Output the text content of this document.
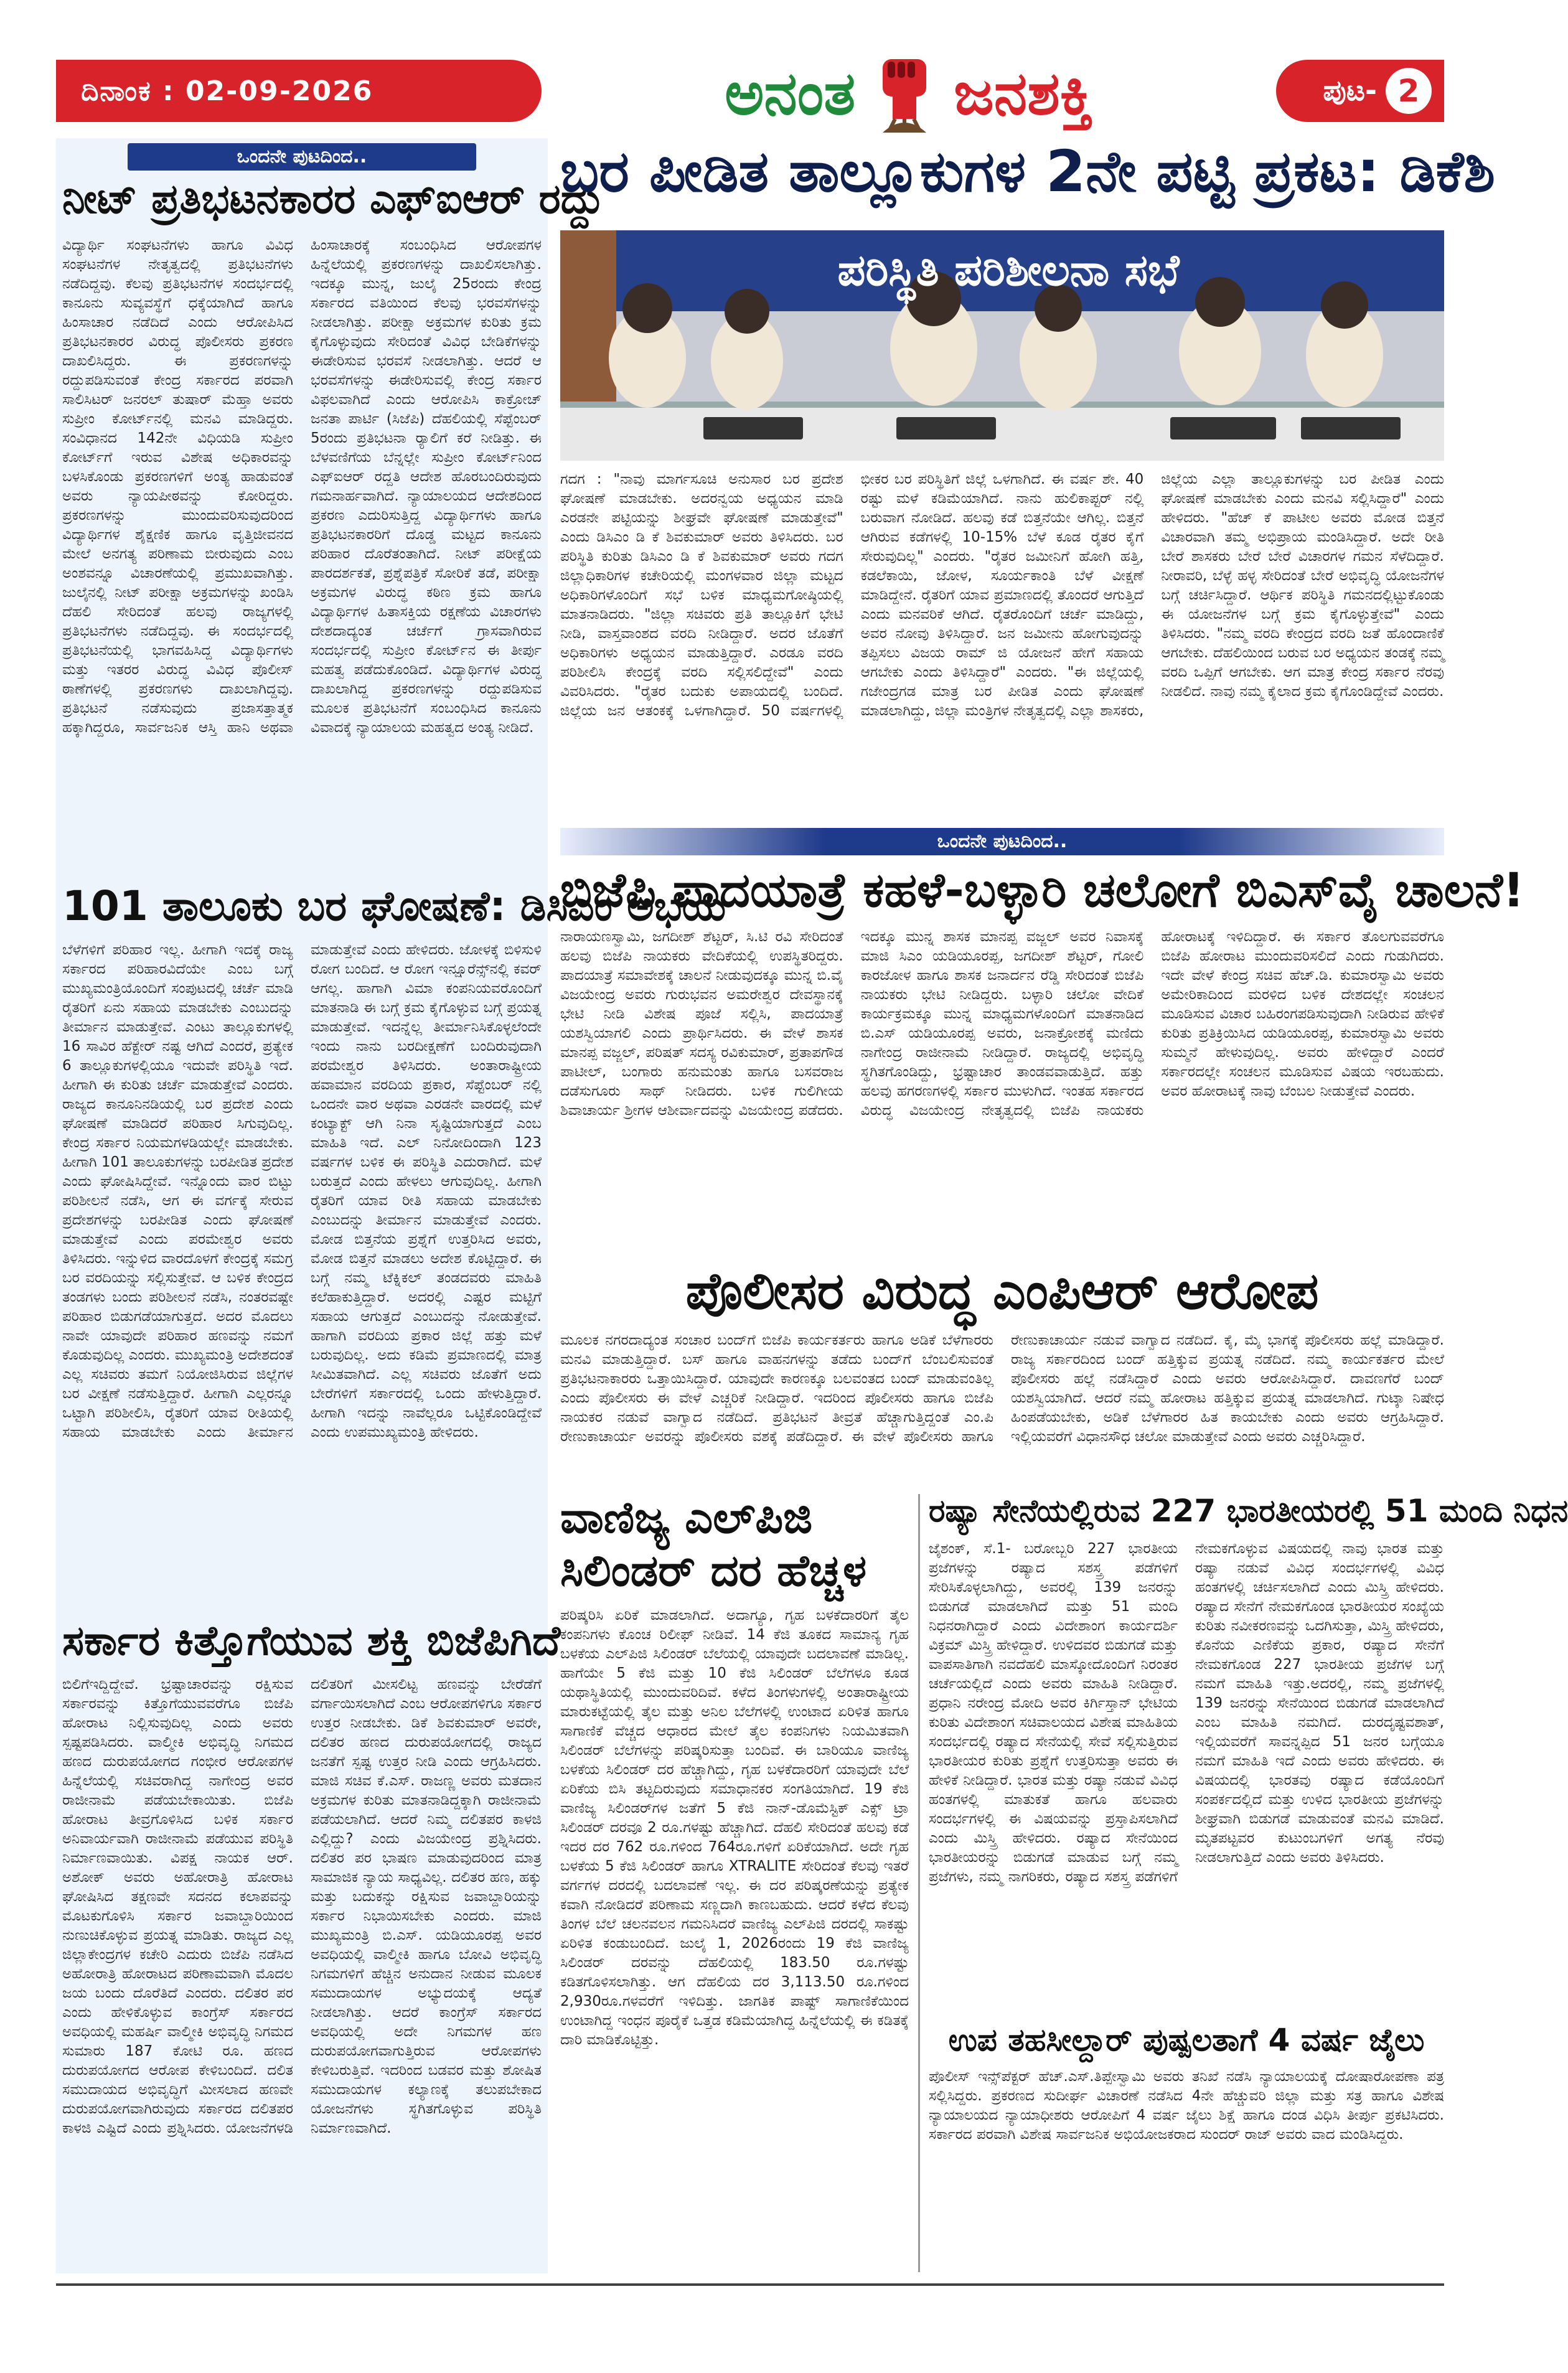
ದಿನಾಂಕ : 02-09-2026	ಅನಂತ ಜನಶಕ್ತಿ	ಪುಟ- 2
ಒಂದನೇ ಪುಟದಿಂದ..
ನೀಟ್ ಪ್ರತಿಭಟನಕಾರರ ಎಫ್‌ಐಆರ್ ರದ್ದು
ವಿದ್ಯಾರ್ಥಿ ಸಂಘಟನೆಗಳು ಹಾಗೂ ವಿವಿಧ ಸಂಘಟನೆಗಳ ನೇತೃತ್ವದಲ್ಲಿ ಪ್ರತಿಭಟನೆಗಳು ನಡೆದಿದ್ದವು. ಕೆಲವು ಪ್ರತಿಭಟನೆಗಳ ಸಂದರ್ಭದಲ್ಲಿ ಕಾನೂನು ಸುವ್ಯವಸ್ಥೆಗೆ ಧಕ್ಕೆಯಾಗಿದೆ ಹಾಗೂ ಹಿಂಸಾಚಾರ ನಡೆದಿದೆ ಎಂದು ಆರೋಪಿಸಿದ ಪ್ರತಿಭಟನಕಾರರ ವಿರುದ್ಧ ಪೊಲೀಸರು ಪ್ರಕರಣ ದಾಖಲಿಸಿದ್ದರು. ಈ ಪ್ರಕರಣಗಳನ್ನು ರದ್ದುಪಡಿಸುವಂತೆ ಕೇಂದ್ರ ಸರ್ಕಾರದ ಪರವಾಗಿ ಸಾಲಿಸಿಟರ್ ಜನರಲ್ ತುಷಾರ್ ಮೆಹ್ತಾ ಅವರು ಸುಪ್ರೀಂ ಕೋರ್ಟ್‌ನಲ್ಲಿ ಮನವಿ ಮಾಡಿದ್ದರು. ಸಂವಿಧಾನದ 142ನೇ ವಿಧಿಯಡಿ ಸುಪ್ರೀಂ ಕೋರ್ಟ್‌ಗೆ ಇರುವ ವಿಶೇಷ ಅಧಿಕಾರವನ್ನು ಬಳಸಿಕೊಂಡು ಪ್ರಕರಣಗಳಿಗೆ ಅಂತ್ಯ ಹಾಡುವಂತೆ ಅವರು ನ್ಯಾಯಪೀಠವನ್ನು ಕೋರಿದ್ದರು. ಪ್ರಕರಣಗಳನ್ನು ಮುಂದುವರಿಸುವುದರಿಂದ ವಿದ್ಯಾರ್ಥಿಗಳ ಶೈಕ್ಷಣಿಕ ಹಾಗೂ ವೃತ್ತಿಜೀವನದ ಮೇಲೆ ಅನಗತ್ಯ ಪರಿಣಾಮ ಬೀರುವುದು ಎಂಬ ಅಂಶವನ್ನೂ ವಿಚಾರಣೆಯಲ್ಲಿ ಪ್ರಮುಖವಾಗಿತ್ತು. ಜುಲೈನಲ್ಲಿ ನೀಟ್ ಪರೀಕ್ಷಾ ಅಕ್ರಮಗಳನ್ನು ಖಂಡಿಸಿ ದೆಹಲಿ ಸೇರಿದಂತೆ ಹಲವು ರಾಜ್ಯಗಳಲ್ಲಿ ಪ್ರತಿಭಟನೆಗಳು ನಡೆದಿದ್ದವು. ಈ ಸಂದರ್ಭದಲ್ಲಿ ಪ್ರತಿಭಟನೆಯಲ್ಲಿ ಭಾಗವಹಿಸಿದ್ದ ವಿದ್ಯಾರ್ಥಿಗಳು ಮತ್ತು ಇತರರ ವಿರುದ್ಧ ವಿವಿಧ ಪೊಲೀಸ್ ಠಾಣೆಗಳಲ್ಲಿ ಪ್ರಕರಣಗಳು ದಾಖಲಾಗಿದ್ದವು. ಪ್ರತಿಭಟನೆ ನಡೆಸುವುದು ಪ್ರಜಾಸತ್ತಾತ್ಮಕ ಹಕ್ಕಾಗಿದ್ದರೂ, ಸಾರ್ವಜನಿಕ ಆಸ್ತಿ ಹಾನಿ ಅಥವಾ ಹಿಂಸಾಚಾರಕ್ಕೆ ಸಂಬಂಧಿಸಿದ ಆರೋಪಗಳ ಹಿನ್ನೆಲೆಯಲ್ಲಿ ಪ್ರಕರಣಗಳನ್ನು ದಾಖಲಿಸಲಾಗಿತ್ತು. ಇದಕ್ಕೂ ಮುನ್ನ, ಜುಲೈ 25ರಂದು ಕೇಂದ್ರ ಸರ್ಕಾರದ ವತಿಯಿಂದ ಕೆಲವು ಭರವಸೆಗಳನ್ನು ನೀಡಲಾಗಿತ್ತು. ಪರೀಕ್ಷಾ ಅಕ್ರಮಗಳ ಕುರಿತು ಕ್ರಮ ಕೈಗೊಳ್ಳುವುದು ಸೇರಿದಂತೆ ವಿವಿಧ ಬೇಡಿಕೆಗಳನ್ನು ಈಡೇರಿಸುವ ಭರವಸೆ ನೀಡಲಾಗಿತ್ತು. ಆದರೆ ಆ ಭರವಸೆಗಳನ್ನು ಈಡೇರಿಸುವಲ್ಲಿ ಕೇಂದ್ರ ಸರ್ಕಾರ ವಿಫಲವಾಗಿದೆ ಎಂದು ಆರೋಪಿಸಿ ಕಾಕ್ರೋಚ್ ಜನತಾ ಪಾರ್ಟಿ (ಸಿಜೆಪಿ) ದೆಹಲಿಯಲ್ಲಿ ಸೆಪ್ಟೆಂಬರ್ 5ರಂದು ಪ್ರತಿಭಟನಾ ರ‍್ಯಾಲಿಗೆ ಕರೆ ನೀಡಿತ್ತು. ಈ ಬೆಳವಣಿಗೆಯ ಬೆನ್ನಲ್ಲೇ ಸುಪ್ರೀಂ ಕೋರ್ಟ್‌ನಿಂದ ಎಫ್‌ಐಆರ್ ರದ್ದತಿ ಆದೇಶ ಹೊರಬಂದಿರುವುದು ಗಮನಾರ್ಹವಾಗಿದೆ. ನ್ಯಾಯಾಲಯದ ಆದೇಶದಿಂದ ಪ್ರಕರಣ ಎದುರಿಸುತ್ತಿದ್ದ ವಿದ್ಯಾರ್ಥಿಗಳು ಹಾಗೂ ಪ್ರತಿಭಟನಕಾರರಿಗೆ ದೊಡ್ಡ ಮಟ್ಟದ ಕಾನೂನು ಪರಿಹಾರ ದೊರೆತಂತಾಗಿದೆ. ನೀಟ್ ಪರೀಕ್ಷೆಯ ಪಾರದರ್ಶಕತೆ, ಪ್ರಶ್ನೆಪತ್ರಿಕೆ ಸೋರಿಕೆ ತಡೆ, ಪರೀಕ್ಷಾ ಅಕ್ರಮಗಳ ವಿರುದ್ಧ ಕಠಿಣ ಕ್ರಮ ಹಾಗೂ ವಿದ್ಯಾರ್ಥಿಗಳ ಹಿತಾಸಕ್ತಿಯ ರಕ್ಷಣೆಯ ವಿಚಾರಗಳು ದೇಶದಾದ್ಯಂತ ಚರ್ಚೆಗೆ ಗ್ರಾಸವಾಗಿರುವ ಸಂದರ್ಭದಲ್ಲಿ ಸುಪ್ರೀಂ ಕೋರ್ಟ್‌ನ ಈ ತೀರ್ಪು ಮಹತ್ವ ಪಡೆದುಕೊಂಡಿದೆ. ವಿದ್ಯಾರ್ಥಿಗಳ ವಿರುದ್ಧ ದಾಖಲಾಗಿದ್ದ ಪ್ರಕರಣಗಳನ್ನು ರದ್ದುಪಡಿಸುವ ಮೂಲಕ ಪ್ರತಿಭಟನೆಗೆ ಸಂಬಂಧಿಸಿದ ಕಾನೂನು ವಿವಾದಕ್ಕೆ ನ್ಯಾಯಾಲಯ ಮಹತ್ವದ ಅಂತ್ಯ ನೀಡಿದೆ.
101 ತಾಲೂಕು ಬರ ಘೋಷಣೆ: ಡಿಸಿಎಂ ಅಭಯ
ಬೆಳೆಗಳಿಗೆ ಪರಿಹಾರ ಇಲ್ಲ. ಹೀಗಾಗಿ ಇದಕ್ಕೆ ರಾಜ್ಯ ಸರ್ಕಾರದ ಪರಿಹಾರವಿದೆಯೇ ಎಂಬ ಬಗ್ಗೆ ಮುಖ್ಯಮಂತ್ರಿಯೊಂದಿಗೆ ಸಂಪುಟದಲ್ಲಿ ಚರ್ಚೆ ಮಾಡಿ ರೈತರಿಗೆ ಏನು ಸಹಾಯ ಮಾಡಬೇಕು ಎಂಬುದನ್ನು ತೀರ್ಮಾನ ಮಾಡುತ್ತೇವೆ. ಎಂಟು ತಾಲ್ಲೂಕುಗಳಲ್ಲಿ 16 ಸಾವಿರ ಹೆಕ್ಟೇರ್ ನಷ್ಟ ಆಗಿದೆ ಎಂದರೆ, ಪ್ರತ್ಯೇಕ 6 ತಾಲ್ಲೂಕುಗಳಲ್ಲಿಯೂ ಇದುವೇ ಪರಿಸ್ಥಿತಿ ಇದೆ. ಹೀಗಾಗಿ ಈ ಕುರಿತು ಚರ್ಚೆ ಮಾಡುತ್ತೇವೆ ಎಂದರು. ರಾಜ್ಯದ ಕಾನೂನಿನಡಿಯಲ್ಲಿ ಬರ ಪ್ರದೇಶ ಎಂದು ಘೋಷಣೆ ಮಾಡಿದರೆ ಪರಿಹಾರ ಸಿಗುವುದಿಲ್ಲ. ಕೇಂದ್ರ ಸರ್ಕಾರ ನಿಯಮಗಳಡಿಯಲ್ಲೇ ಮಾಡಬೇಕು. ಹೀಗಾಗಿ 101 ತಾಲೂಕುಗಳನ್ನು ಬರಪೀಡಿತ ಪ್ರದೇಶ ಎಂದು ಘೋಷಿಸಿದ್ದೇವೆ. ಇನ್ನೊಂದು ವಾರ ಬಿಟ್ಟು ಪರಿಶೀಲನೆ ನಡೆಸಿ, ಆಗ ಈ ವರ್ಗಕ್ಕೆ ಸೇರುವ ಪ್ರದೇಶಗಳನ್ನು ಬರಪೀಡಿತ ಎಂದು ಘೋಷಣೆ ಮಾಡುತ್ತೇವೆ ಎಂದು ಪರಮೇಶ್ವರ ಅವರು ತಿಳಿಸಿದರು. ಇನ್ನುಳಿದ ವಾರದೊಳಗೆ ಕೇಂದ್ರಕ್ಕೆ ಸಮಗ್ರ ಬರ ವರದಿಯನ್ನು ಸಲ್ಲಿಸುತ್ತೇವೆ. ಆ ಬಳಿಕ ಕೇಂದ್ರದ ತಂಡಗಳು ಬಂದು ಪರಿಶೀಲನೆ ನಡೆಸಿ, ನಂತರವಷ್ಟೇ ಪರಿಹಾರ ಬಿಡುಗಡೆಯಾಗುತ್ತದೆ. ಅದರ ಮೊದಲು ನಾವೇ ಯಾವುದೇ ಪರಿಹಾರ ಹಣವನ್ನು ನಮಗೆ ಕೊಡುವುದಿಲ್ಲ ಎಂದರು. ಮುಖ್ಯಮಂತ್ರಿ ಅದೇಶದಂತೆ ಎಲ್ಲ ಸಚಿವರು ತಮಗೆ ನಿಯೋಜಿಸಿರುವ ಜಿಲ್ಲೆಗಳ ಬರ ವೀಕ್ಷಣೆ ನಡೆಸುತ್ತಿದ್ದಾರೆ. ಹೀಗಾಗಿ ಎಲ್ಲರನ್ನೂ ಒಟ್ಟಾಗಿ ಪರಿಶೀಲಿಸಿ, ರೈತರಿಗೆ ಯಾವ ರೀತಿಯಲ್ಲಿ ಸಹಾಯ ಮಾಡಬೇಕು ಎಂದು ತೀರ್ಮಾನ ಮಾಡುತ್ತೇವೆ ಎಂದು ಹೇಳಿದರು. ಜೋಳಕ್ಕೆ ಬಿಳಿಸುಳಿ ರೋಗ ಬಂದಿದೆ. ಆ ರೋಗ ಇನ್ಷೂರೆನ್ಸ್‌ನಲ್ಲಿ ಕವರ್ ಆಗಲ್ಲ. ಹಾಗಾಗಿ ವಿಮಾ ಕಂಪನಿಯವರೊಂದಿಗೆ ಮಾತನಾಡಿ ಈ ಬಗ್ಗೆ ಕ್ರಮ ಕೈಗೊಳ್ಳುವ ಬಗ್ಗೆ ಪ್ರಯತ್ನ ಮಾಡುತ್ತೇವೆ. ಇದನ್ನೆಲ್ಲ ತೀರ್ಮಾನಿಸಿಕೊಳ್ಳಲೆಂದೇ ಇಂದು ನಾನು ಬರದೀಕ್ಷಣೆಗೆ ಬಂದಿರುವುದಾಗಿ ಪರಮೇಶ್ವರ ತಿಳಿಸಿದರು. ಅಂತಾರಾಷ್ಟ್ರೀಯ ಹವಾಮಾನ ವರದಿಯ ಪ್ರಕಾರ, ಸೆಪ್ಟೆಂಬರ್ ನಲ್ಲಿ ಒಂದನೇ ವಾರ ಅಥವಾ ಎರಡನೇ ವಾರದಲ್ಲಿ ಮಳೆ ಕಂಟ್ಯಾಕ್ಟ್ ಆಗಿ ನಿನಾ ಸೃಷ್ಟಿಯಾಗುತ್ತದೆ ಎಂಬ ಮಾಹಿತಿ ಇದೆ. ಎಲ್ ನಿನೋದಿಂದಾಗಿ 123 ವರ್ಷಗಳ ಬಳಿಕ ಈ ಪರಿಸ್ಥಿತಿ ಎದುರಾಗಿದೆ. ಮಳೆ ಬರುತ್ತದೆ ಎಂದು ಹೇಳಲು ಆಗುವುದಿಲ್ಲ. ಹೀಗಾಗಿ ರೈತರಿಗೆ ಯಾವ ರೀತಿ ಸಹಾಯ ಮಾಡಬೇಕು ಎಂಬುದನ್ನು ತೀರ್ಮಾನ ಮಾಡುತ್ತೇವೆ ಎಂದರು. ಮೋಡ ಬಿತ್ತನೆಯ ಪ್ರಶ್ನೆಗೆ ಉತ್ತರಿಸಿದ ಅವರು, ಮೋಡ ಬಿತ್ತನೆ ಮಾಡಲು ಅದೇಶ ಕೊಟ್ಟಿದ್ದಾರೆ. ಈ ಬಗ್ಗೆ ನಮ್ಮ ಟೆಕ್ನಿಕಲ್ ತಂಡದವರು ಮಾಹಿತಿ ಕಲೆಹಾಕುತ್ತಿದ್ದಾರೆ. ಅದರಲ್ಲಿ ಎಷ್ಟರ ಮಟ್ಟಿಗೆ ಸಹಾಯ ಆಗುತ್ತದೆ ಎಂಬುದನ್ನು ನೋಡುತ್ತೇವೆ. ಹಾಗಾಗಿ ವರದಿಯ ಪ್ರಕಾರ ಜಿಲ್ಲೆ ಹತ್ತು ಮಳೆ ಬರುವುದಿಲ್ಲ. ಅದು ಕಡಿಮೆ ಪ್ರಮಾಣದಲ್ಲಿ ಮಾತ್ರ ಸೀಮಿತವಾಗಿದೆ. ಎಲ್ಲ ಸಚಿವರು ಜೊತೆಗೆ ಅದು ಬೇರೆಗಳಿಗೆ ಸರ್ಕಾರದಲ್ಲಿ ಒಂದು ಹೇಳುತ್ತಿದ್ದಾರೆ. ಹೀಗಾಗಿ ಇದನ್ನು ನಾವೆಲ್ಲರೂ ಒಟ್ಟಿಕೊಂಡಿದ್ದೇವೆ ಎಂದು ಉಪಮುಖ್ಯಮಂತ್ರಿ ಹೇಳಿದರು.
ಸರ್ಕಾರ ಕಿತ್ತೊಗೆಯುವ ಶಕ್ತಿ ಬಿಜೆಪಿಗಿದೆ
ಬಿಲಿಗೆಇದ್ದಿದ್ದೇವೆ. ಭ್ರಷ್ಟಾಚಾರವನ್ನು ರಕ್ಷಿಸುವ ಸರ್ಕಾರವನ್ನು ಕಿತ್ತೊಗೆಯುವವರೆಗೂ ಬಿಜೆಪಿ ಹೋರಾಟ ನಿಲ್ಲಿಸುವುದಿಲ್ಲ ಎಂದು ಅವರು ಸ್ಪಷ್ಟಪಡಿಸಿದರು. ವಾಲ್ಮೀಕಿ ಅಭಿವೃದ್ಧಿ ನಿಗಮದ ಹಣದ ದುರುಪಯೋಗದ ಗಂಭೀರ ಆರೋಪಗಳ ಹಿನ್ನೆಲೆಯಲ್ಲಿ ಸಚಿವರಾಗಿದ್ದ ನಾಗೇಂದ್ರ ಅವರ ರಾಜೀನಾಮೆ ಪಡೆಯಬೇಕಾಯಿತು. ಬಿಜೆಪಿ ಹೋರಾಟ ತೀವ್ರಗೊಳಿಸಿದ ಬಳಿಕ ಸರ್ಕಾರ ಅನಿವಾರ್ಯವಾಗಿ ರಾಜೀನಾಮೆ ಪಡೆಯುವ ಪರಿಸ್ಥಿತಿ ನಿರ್ಮಾಣವಾಯಿತು. ವಿಪಕ್ಷ ನಾಯಕ ಆರ್. ಅಶೋಕ್ ಅವರು ಅಹೋರಾತ್ರಿ ಹೋರಾಟ ಘೋಷಿಸಿದ ತಕ್ಷಣವೇ ಸದನದ ಕಲಾಪವನ್ನು ಮೊಟಕುಗೊಳಿಸಿ ಸರ್ಕಾರ ಜವಾಬ್ದಾರಿಯಿಂದ ನುಣುಚಿಕೊಳ್ಳುವ ಪ್ರಯತ್ನ ಮಾಡಿತು. ರಾಜ್ಯದ ಎಲ್ಲ ಜಿಲ್ಲಾಕೇಂದ್ರಗಳ ಕಚೇರಿ ಎದುರು ಬಿಜೆಪಿ ನಡೆಸಿದ ಅಹೋರಾತ್ರಿ ಹೋರಾಟದ ಪರಿಣಾಮವಾಗಿ ಮೊದಲ ಜಯ ಬಂದು ದೊರೆತಿದೆ ಎಂದರು. ದಲಿತರ ಪರ ಎಂದು ಹೇಳಿಕೊಳ್ಳುವ ಕಾಂಗ್ರೆಸ್ ಸರ್ಕಾರದ ಅವಧಿಯಲ್ಲಿ ಮಹರ್ಷಿ ವಾಲ್ಮೀಕಿ ಅಭಿವೃದ್ಧಿ ನಿಗಮದ ಸುಮಾರು 187 ಕೋಟಿ ರೂ. ಹಣದ ದುರುಪಯೋಗದ ಆರೋಪ ಕೇಳಿಬಂದಿದೆ. ದಲಿತ ಸಮುದಾಯದ ಅಭಿವೃದ್ಧಿಗೆ ಮೀಸಲಾದ ಹಣವೇ ದುರುಪಯೋಗವಾಗಿರುವುದು ಸರ್ಕಾರದ ದಲಿತಪರ ಕಾಳಜಿ ಎಷ್ಟಿದೆ ಎಂದು ಪ್ರಶ್ನಿಸಿದರು. ಯೋಜನೆಗಳಡಿ ದಲಿತರಿಗೆ ಮೀಸಲಿಟ್ಟ ಹಣವನ್ನು ಬೇರೆಡೆಗೆ ವರ್ಗಾಯಿಸಲಾಗಿದೆ ಎಂಬ ಆರೋಪಗಳಿಗೂ ಸರ್ಕಾರ ಉತ್ತರ ನೀಡಬೇಕು. ಡಿಕೆ ಶಿವಕುಮಾರ್ ಅವರೇ, ದಲಿತರ ಹಣದ ದುರುಪಯೋಗದಲ್ಲಿ ರಾಜ್ಯದ ಜನತೆಗೆ ಸ್ಪಷ್ಟ ಉತ್ತರ ನೀಡಿ ಎಂದು ಆಗ್ರಹಿಸಿದರು. ಮಾಜಿ ಸಚಿವ ಕೆ.ಎಸ್. ರಾಜಣ್ಣ ಅವರು ಮತದಾನ ಅಕ್ರಮಗಳ ಕುರಿತು ಮಾತನಾಡಿದ್ದಕ್ಕಾಗಿ ರಾಜೀನಾಮೆ ಪಡೆಯಲಾಗಿದೆ. ಆದರೆ ನಿಮ್ಮ ದಲಿತಪರ ಕಾಳಜಿ ಎಲ್ಲಿದ್ದು? ಎಂದು ವಿಜಯೇಂದ್ರ ಪ್ರಶ್ನಿಸಿದರು. ದಲಿತರ ಪರ ಭಾಷಣ ಮಾಡುವುದರಿಂದ ಮಾತ್ರ ಸಾಮಾಜಿಕ ನ್ಯಾಯ ಸಾಧ್ಯವಿಲ್ಲ. ದಲಿತರ ಹಣ, ಹಕ್ಕು ಮತ್ತು ಬದುಕನ್ನು ರಕ್ಷಿಸುವ ಜವಾಬ್ದಾರಿಯನ್ನು ಸರ್ಕಾರ ನಿಭಾಯಿಸಬೇಕು ಎಂದರು. ಮಾಜಿ ಮುಖ್ಯಮಂತ್ರಿ ಬಿ.ಎಸ್. ಯಡಿಯೂರಪ್ಪ ಅವರ ಅವಧಿಯಲ್ಲಿ ವಾಲ್ಮೀಕಿ ಹಾಗೂ ಬೋವಿ ಅಭಿವೃದ್ಧಿ ನಿಗಮಗಳಿಗೆ ಹೆಚ್ಚಿನ ಅನುದಾನ ನೀಡುವ ಮೂಲಕ ಸಮುದಾಯಗಳ ಅಭ್ಯುದಯಕ್ಕೆ ಆದ್ಯತೆ ನೀಡಲಾಗಿತ್ತು. ಆದರೆ ಕಾಂಗ್ರೆಸ್ ಸರ್ಕಾರದ ಅವಧಿಯಲ್ಲಿ ಅದೇ ನಿಗಮಗಳ ಹಣ ದುರುಪಯೋಗವಾಗುತ್ತಿರುವ ಆರೋಪಗಳು ಕೇಳಿಬರುತ್ತಿವೆ. ಇದರಿಂದ ಬಡವರ ಮತ್ತು ಶೋಷಿತ ಸಮುದಾಯಗಳ ಕಲ್ಯಾಣಕ್ಕೆ ತಲುಪಬೇಕಾದ ಯೋಜನೆಗಳು ಸ್ಥಗಿತಗೊಳ್ಳುವ ಪರಿಸ್ಥಿತಿ ನಿರ್ಮಾಣವಾಗಿದೆ.
ಬರ ಪೀಡಿತ ತಾಲ್ಲೂಕುಗಳ 2ನೇ ಪಟ್ಟಿ ಪ್ರಕಟ: ಡಿಕೆಶಿ
ಪರಿಸ್ಥಿತಿ ಪರಿಶೀಲನಾ ಸಭೆ
ಗದಗ : "ನಾವು ಮಾರ್ಗಸೂಚಿ ಅನುಸಾರ ಬರ ಪ್ರದೇಶ ಘೋಷಣೆ ಮಾಡಬೇಕು. ಅದರನ್ವಯ ಅಧ್ಯಯನ ಮಾಡಿ ಎರಡನೇ ಪಟ್ಟಿಯನ್ನು ಶೀಘ್ರವೇ ಘೋಷಣೆ ಮಾಡುತ್ತೇವೆ" ಎಂದು ಡಿಸಿಎಂ ಡಿ ಕೆ ಶಿವಕುಮಾರ್ ಅವರು ತಿಳಿಸಿದರು. ಬರ ಪರಿಸ್ಥಿತಿ ಕುರಿತು ಡಿಸಿಎಂ ಡಿ ಕೆ ಶಿವಕುಮಾರ್ ಅವರು ಗದಗ ಜಿಲ್ಲಾಧಿಕಾರಿಗಳ ಕಚೇರಿಯಲ್ಲಿ ಮಂಗಳವಾರ ಜಿಲ್ಲಾ ಮಟ್ಟದ ಅಧಿಕಾರಿಗಳೊಂದಿಗೆ ಸಭೆ ಬಳಿಕ ಮಾಧ್ಯಮಗೋಷ್ಠಿಯಲ್ಲಿ ಮಾತನಾಡಿದರು. "ಜಿಲ್ಲಾ ಸಚಿವರು ಪ್ರತಿ ತಾಲ್ಲೂಕಿಗೆ ಭೇಟಿ ನೀಡಿ, ವಾಸ್ತವಾಂಶದ ವರದಿ ನೀಡಿದ್ದಾರೆ. ಅದರ ಜೊತೆಗೆ ಅಧಿಕಾರಿಗಳು ಅಧ್ಯಯನ ಮಾಡುತ್ತಿದ್ದಾರೆ. ಎರಡೂ ವರದಿ ಪರಿಶೀಲಿಸಿ ಕೇಂದ್ರಕ್ಕೆ ವರದಿ ಸಲ್ಲಿಸಲಿದ್ದೇವೆ" ಎಂದು ವಿವರಿಸಿದರು. "ರೈತರ ಬದುಕು ಅಪಾಯದಲ್ಲಿ ಬಂದಿದೆ. ಜಿಲ್ಲೆಯ ಜನ ಆತಂಕಕ್ಕೆ ಒಳಗಾಗಿದ್ದಾರೆ. 50 ವರ್ಷಗಳಲ್ಲಿ ಭೀಕರ ಬರ ಪರಿಸ್ಥಿತಿಗೆ ಜಿಲ್ಲೆ ಒಳಗಾಗಿದೆ. ಈ ವರ್ಷ ಶೇ. 40 ರಷ್ಟು ಮಳೆ ಕಡಿಮೆಯಾಗಿದೆ. ನಾನು ಹುಲಿಕಾಪ್ಟರ್ ನಲ್ಲಿ ಬರುವಾಗ ನೋಡಿದೆ. ಹಲವು ಕಡೆ ಬಿತ್ತನೆಯೇ ಆಗಿಲ್ಲ. ಬಿತ್ತನೆ ಆಗಿರುವ ಕಡೆಗಳಲ್ಲಿ 10-15% ಬೆಳೆ ಕೂಡ ರೈತರ ಕೈಗೆ ಸೇರುವುದಿಲ್ಲ" ಎಂದರು. "ರೈತರ ಜಮೀನಿಗೆ ಹೋಗಿ ಹತ್ತಿ, ಕಡಲೆಕಾಯಿ, ಜೋಳ, ಸೂರ್ಯಕಾಂತಿ ಬೆಳೆ ವೀಕ್ಷಣೆ ಮಾಡಿದ್ದೇನೆ. ರೈತರಿಗೆ ಯಾವ ಪ್ರಮಾಣದಲ್ಲಿ ತೊಂದರೆ ಆಗುತ್ತಿದೆ ಎಂದು ಮನವರಿಕೆ ಆಗಿದೆ. ರೈತರೊಂದಿಗೆ ಚರ್ಚೆ ಮಾಡಿದ್ದು, ಅವರ ನೋವು ತಿಳಿಸಿದ್ದಾರೆ. ಜನ ಜಮೀನು ಹೋಗುವುದನ್ನು ತಪ್ಪಿಸಲು ವಿಜಯ ರಾಮ್ ಜಿ ಯೋಜನೆ ಹೇಗೆ ಸಹಾಯ ಆಗಬೇಕು ಎಂದು ತಿಳಿಸಿದ್ದಾರೆ" ಎಂದರು. "ಈ ಜಿಲ್ಲೆಯಲ್ಲಿ ಗಜೇಂದ್ರಗಡ ಮಾತ್ರ ಬರ ಪೀಡಿತ ಎಂದು ಘೋಷಣೆ ಮಾಡಲಾಗಿದ್ದು, ಜಿಲ್ಲಾ ಮಂತ್ರಿಗಳ ನೇತೃತ್ವದಲ್ಲಿ ಎಲ್ಲಾ ಶಾಸಕರು, ಜಿಲ್ಲೆಯ ಎಲ್ಲಾ ತಾಲ್ಲೂಕುಗಳನ್ನು ಬರ ಪೀಡಿತ ಎಂದು ಘೋಷಣೆ ಮಾಡಬೇಕು ಎಂದು ಮನವಿ ಸಲ್ಲಿಸಿದ್ದಾರೆ" ಎಂದು ಹೇಳಿದರು. "ಹೆಚ್ ಕೆ ಪಾಟೀಲ ಅವರು ಮೋಡ ಬಿತ್ತನೆ ವಿಚಾರವಾಗಿ ತಮ್ಮ ಅಭಿಪ್ರಾಯ ಮಂಡಿಸಿದ್ದಾರೆ. ಅದೇ ರೀತಿ ಬೇರೆ ಶಾಸಕರು ಬೇರೆ ಬೇರೆ ವಿಚಾರಗಳ ಗಮನ ಸೆಳೆದಿದ್ದಾರೆ. ನೀರಾವರಿ, ಬೆಳ್ಳೆ ಹಳ್ಳ ಸೇರಿದಂತೆ ಬೇರೆ ಅಭಿವೃದ್ಧಿ ಯೋಜನೆಗಳ ಬಗ್ಗೆ ಚರ್ಚಿಸಿದ್ದಾರೆ. ಆರ್ಥಿಕ ಪರಿಸ್ಥಿತಿ ಗಮನದಲ್ಲಿಟ್ಟುಕೊಂಡು ಈ ಯೋಜನೆಗಳ ಬಗ್ಗೆ ಕ್ರಮ ಕೈಗೊಳ್ಳುತ್ತೇವೆ" ಎಂದು ತಿಳಿಸಿದರು. "ನಮ್ಮ ವರದಿ ಕೇಂದ್ರದ ವರದಿ ಜತೆ ಹೊಂದಾಣಿಕೆ ಆಗಬೇಕು. ದೆಹಲಿಯಿಂದ ಬರುವ ಬರ ಅಧ್ಯಯನ ತಂಡಕ್ಕೆ ನಮ್ಮ ವರದಿ ಒಪ್ಪಿಗೆ ಆಗಬೇಕು. ಆಗ ಮಾತ್ರ ಕೇಂದ್ರ ಸರ್ಕಾರ ನೆರವು ನೀಡಲಿದೆ. ನಾವು ನಮ್ಮ ಕೈಲಾದ ಕ್ರಮ ಕೈಗೊಂಡಿದ್ದೇವೆ ಎಂದರು.
ಒಂದನೇ ಪುಟದಿಂದ..
ಬಿಜೆಪಿ ಪಾದಯಾತ್ರೆ ಕಹಳೆ-ಬಳ್ಳಾರಿ ಚಲೋಗೆ ಬಿಎಸ್‌ವೈ ಚಾಲನೆ!
ನಾರಾಯಣಸ್ವಾಮಿ, ಜಗದೀಶ್ ಶೆಟ್ಟರ್, ಸಿ.ಟಿ ರವಿ ಸೇರಿದಂತೆ ಹಲವು ಬಿಜೆಪಿ ನಾಯಕರು ವೇದಿಕೆಯಲ್ಲಿ ಉಪಸ್ಥಿತರಿದ್ದರು. ಪಾದಯಾತ್ರೆ ಸಮಾವೇಶಕ್ಕೆ ಚಾಲನೆ ನೀಡುವುದಕ್ಕೂ ಮುನ್ನ ಬಿ.ವೈ ವಿಜಯೇಂದ್ರ ಅವರು ಗುರುಭವನ ಅಮರೇಶ್ವರ ದೇವಸ್ಥಾನಕ್ಕೆ ಭೇಟಿ ನೀಡಿ ವಿಶೇಷ ಪೂಜೆ ಸಲ್ಲಿಸಿ, ಪಾದಯಾತ್ರೆ ಯಶಸ್ವಿಯಾಗಲಿ ಎಂದು ಪ್ರಾರ್ಥಿಸಿದರು. ಈ ವೇಳೆ ಶಾಸಕ ಮಾನಪ್ಪ ವಜ್ಜಲ್, ಪರಿಷತ್ ಸದಸ್ಯ ರವಿಕುಮಾರ್, ಪ್ರತಾಪಗೌಡ ಪಾಟೀಲ್, ಬಂಗಾರು ಹನುಮಂತು ಹಾಗೂ ಬಸವರಾಜ ದಡೆಸುಗೂರು ಸಾಥ್ ನೀಡಿದರು. ಬಳಿಕ ಗುಲಿಗೀಯ ಶಿವಾಚಾರ್ಯ ಶ್ರೀಗಳ ಆಶೀರ್ವಾದವನ್ನು ವಿಜಯೇಂದ್ರ ಪಡೆದರು. ಇದಕ್ಕೂ ಮುನ್ನ ಶಾಸಕ ಮಾನಪ್ಪ ವಜ್ಜಲ್ ಅವರ ನಿವಾಸಕ್ಕೆ ಮಾಜಿ ಸಿಎಂ ಯಡಿಯೂರಪ್ಪ, ಜಗದೀಶ್ ಶೆಟ್ಟರ್, ಗೋಲಿ ಕಾರಜೋಳ ಹಾಗೂ ಶಾಸಕ ಜನಾರ್ದನ ರೆಡ್ಡಿ ಸೇರಿದಂತೆ ಬಿಜೆಪಿ ನಾಯಕರು ಭೇಟಿ ನೀಡಿದ್ದರು. ಬಳ್ಳಾರಿ ಚಲೋ ವೇದಿಕೆ ಕಾರ್ಯಕ್ರಮಕ್ಕೂ ಮುನ್ನ ಮಾಧ್ಯಮಗಳೊಂದಿಗೆ ಮಾತನಾಡಿದ ಬಿ.ಎಸ್ ಯಡಿಯೂರಪ್ಪ ಅವರು, ಜನಾಕ್ರೋಶಕ್ಕೆ ಮಣಿದು ನಾಗೇಂದ್ರ ರಾಜೀನಾಮೆ ನೀಡಿದ್ದಾರೆ. ರಾಜ್ಯದಲ್ಲಿ ಅಭಿವೃದ್ಧಿ ಸ್ಥಗಿತಗೊಂಡಿದ್ದು, ಭ್ರಷ್ಟಾಚಾರ ತಾಂಡವವಾಡುತ್ತಿದೆ. ಹತ್ತು ಹಲವು ಹಗರಣಗಳಲ್ಲಿ ಸರ್ಕಾರ ಮುಳುಗಿದೆ. ಇಂತಹ ಸರ್ಕಾರದ ವಿರುದ್ಧ ವಿಜಯೇಂದ್ರ ನೇತೃತ್ವದಲ್ಲಿ ಬಿಜೆಪಿ ನಾಯಕರು ಹೋರಾಟಕ್ಕೆ ಇಳಿದಿದ್ದಾರೆ. ಈ ಸರ್ಕಾರ ತೊಲಗುವವರೆಗೂ ಬಿಜೆಪಿ ಹೋರಾಟ ಮುಂದುವರಿಸಲಿದೆ ಎಂದು ಗುಡುಗಿದರು. ಇದೇ ವೇಳೆ ಕೇಂದ್ರ ಸಚಿವ ಹೆಚ್.ಡಿ. ಕುಮಾರಸ್ವಾಮಿ ಅವರು ಅಮೇರಿಕಾದಿಂದ ಮರಳಿದ ಬಳಿಕ ದೇಶದಲ್ಲೇ ಸಂಚಲನ ಮೂಡಿಸುವ ವಿಚಾರ ಬಹಿರಂಗಪಡಿಸುವುದಾಗಿ ನೀಡಿರುವ ಹೇಳಿಕೆ ಕುರಿತು ಪ್ರತಿಕ್ರಿಯಿಸಿದ ಯಡಿಯೂರಪ್ಪ, ಕುಮಾರಸ್ವಾಮಿ ಅವರು ಸುಮ್ಮನೆ ಹೇಳುವುದಿಲ್ಲ. ಅವರು ಹೇಳಿದ್ದಾರೆ ಎಂದರೆ ಸರ್ಕಾರದಲ್ಲೇ ಸಂಚಲನ ಮೂಡಿಸುವ ವಿಷಯ ಇರಬಹುದು. ಅವರ ಹೋರಾಟಕ್ಕೆ ನಾವು ಬೆಂಬಲ ನೀಡುತ್ತೇವೆ ಎಂದರು.
ಪೊಲೀಸರ ವಿರುದ್ಧ ಎಂಪಿಆರ್ ಆರೋಪ
ಮೂಲಕ ನಗರದಾದ್ಯಂತ ಸಂಚಾರ ಬಂದ್‌ಗೆ ಬಿಜೆಪಿ ಕಾರ್ಯಕರ್ತರು ಹಾಗೂ ಅಡಿಕೆ ಬೆಳೆಗಾರರು ಮನವಿ ಮಾಡುತ್ತಿದ್ದಾರೆ. ಬಸ್ ಹಾಗೂ ವಾಹನಗಳನ್ನು ತಡೆದು ಬಂದ್‌ಗೆ ಬೆಂಬಲಿಸುವಂತೆ ಪ್ರತಿಭಟನಾಕಾರರು ಒತ್ತಾಯಿಸಿದ್ದಾರೆ. ಯಾವುದೇ ಕಾರಣಕ್ಕೂ ಬಲವಂತದ ಬಂದ್ ಮಾಡುವಂತಿಲ್ಲ ಎಂದು ಪೊಲೀಸರು ಈ ವೇಳೆ ಎಚ್ಚರಿಕೆ ನೀಡಿದ್ದಾರೆ. ಇದರಿಂದ ಪೊಲೀಸರು ಹಾಗೂ ಬಿಜೆಪಿ ನಾಯಕರ ನಡುವೆ ವಾಗ್ವಾದ ನಡೆದಿದೆ. ಪ್ರತಿಭಟನೆ ತೀವ್ರತೆ ಹೆಚ್ಚಾಗುತ್ತಿದ್ದಂತೆ ಎಂ.ಪಿ ರೇಣುಕಾಚಾರ್ಯ ಅವರನ್ನು ಪೊಲೀಸರು ವಶಕ್ಕೆ ಪಡೆದಿದ್ದಾರೆ. ಈ ವೇಳೆ ಪೊಲೀಸರು ಹಾಗೂ ರೇಣುಕಾಚಾರ್ಯ ನಡುವೆ ವಾಗ್ವಾದ ನಡೆದಿದೆ. ಕೈ, ಮೈ ಭಾಗಕ್ಕೆ ಪೊಲೀಸರು ಹಲ್ಲೆ ಮಾಡಿದ್ದಾರೆ. ರಾಜ್ಯ ಸರ್ಕಾರದಿಂದ ಬಂದ್ ಹತ್ತಿಕ್ಕುವ ಪ್ರಯತ್ನ ನಡೆದಿದೆ. ನಮ್ಮ ಕಾರ್ಯಕರ್ತರ ಮೇಲೆ ಪೊಲೀಸರು ಹಲ್ಲೆ ನಡೆಸಿದ್ದಾರೆ ಎಂದು ಅವರು ಆರೋಪಿಸಿದ್ದಾರೆ. ದಾವಣಗೆರೆ ಬಂದ್ ಯಶಸ್ವಿಯಾಗಿದೆ. ಆದರೆ ನಮ್ಮ ಹೋರಾಟ ಹತ್ತಿಕ್ಕುವ ಪ್ರಯತ್ನ ಮಾಡಲಾಗಿದೆ. ಗುಟ್ಕಾ ನಿಷೇಧ ಹಿಂಪಡೆಯಬೇಕು, ಅಡಿಕೆ ಬೆಳೆಗಾರರ ಹಿತ ಕಾಯಬೇಕು ಎಂದು ಅವರು ಆಗ್ರಹಿಸಿದ್ದಾರೆ. ಇಲ್ಲಿಯವರೆಗೆ ವಿಧಾನಸೌಧ ಚಲೋ ಮಾಡುತ್ತೇವೆ ಎಂದು ಅವರು ಎಚ್ಚರಿಸಿದ್ದಾರೆ.
ವಾಣಿಜ್ಯ ಎಲ್‌ಪಿಜಿ
ಸಿಲಿಂಡರ್ ದರ ಹೆಚ್ಚಳ
ಪರಿಷ್ಕರಿಸಿ ಏರಿಕೆ ಮಾಡಲಾಗಿದೆ. ಅದಾಗ್ಯೂ, ಗೃಹ ಬಳಕೆದಾರರಿಗೆ ತೈಲ ಕಂಪನಿಗಳು ಕೊಂಚ ರಿಲೀಫ್ ನೀಡಿವೆ. 14 ಕೆಜಿ ತೂಕದ ಸಾಮಾನ್ಯ ಗೃಹ ಬಳಕೆಯ ಎಲ್‌ಪಿಜಿ ಸಿಲಿಂಡರ್ ಬೆಲೆಯಲ್ಲಿ ಯಾವುದೇ ಬದಲಾವಣೆ ಮಾಡಿಲ್ಲ. ಹಾಗೆಯೇ 5 ಕೆಜಿ ಮತ್ತು 10 ಕೆಜಿ ಸಿಲಿಂಡರ್ ಬೆಲೆಗಳೂ ಕೂಡ ಯಥಾಸ್ಥಿತಿಯಲ್ಲಿ ಮುಂದುವರಿದಿವೆ. ಕಳೆದ ತಿಂಗಳುಗಳಲ್ಲಿ ಅಂತಾರಾಷ್ಟ್ರೀಯ ಮಾರುಕಟ್ಟೆಯಲ್ಲಿ ತೈಲ ಮತ್ತು ಅನಿಲ ಬೆಲೆಗಳಲ್ಲಿ ಉಂಟಾದ ಏರಿಳಿತ ಹಾಗೂ ಸಾಗಾಣಿಕೆ ವೆಚ್ಚದ ಆಧಾರದ ಮೇಲೆ ತೈಲ ಕಂಪನಿಗಳು ನಿಯಮಿತವಾಗಿ ಸಿಲಿಂಡರ್ ಬೆಲೆಗಳನ್ನು ಪರಿಷ್ಕರಿಸುತ್ತಾ ಬಂದಿವೆ. ಈ ಬಾರಿಯೂ ವಾಣಿಜ್ಯ ಬಳಕೆಯ ಸಿಲಿಂಡರ್ ದರ ಹೆಚ್ಚಾಗಿದ್ದು, ಗೃಹ ಬಳಕೆದಾರರಿಗೆ ಯಾವುದೇ ಬೆಲೆ ಏರಿಕೆಯ ಬಿಸಿ ತಟ್ಟದಿರುವುದು ಸಮಾಧಾನಕರ ಸಂಗತಿಯಾಗಿದೆ. 19 ಕೆಜಿ ವಾಣಿಜ್ಯ ಸಿಲಿಂಡರ್‌ಗಳ ಜತೆಗೆ 5 ಕೆಜಿ ನಾನ್-ಡೊಮೆಸ್ಟಿಕ್ ಎಕ್ಸ್ ಟ್ರಾ ಸಿಲಿಂಡರ್ ದರವೂ 2 ರೂ.ಗಳಷ್ಟು ಹೆಚ್ಚಾಗಿದೆ. ದೆಹಲಿ ಸೇರಿದಂತೆ ಹಲವು ಕಡೆ ಇದರ ದರ 762 ರೂ.ಗಳಿಂದ 764ರೂ.ಗಳಿಗೆ ಏರಿಕೆಯಾಗಿದೆ. ಅದೇ ಗೃಹ ಬಳಕೆಯ 5 ಕೆಜಿ ಸಿಲಿಂಡರ್ ಹಾಗೂ XTRALITE ಸೇರಿದಂತೆ ಕೆಲವು ಇತರೆ ವರ್ಗಗಳ ದರದಲ್ಲಿ ಬದಲಾವಣೆ ಇಲ್ಲ. ಈ ದರ ಪರಿಷ್ಕರಣೆಯನ್ನು ಪ್ರತ್ಯೇಕ ಕವಾಗಿ ನೋಡಿದರೆ ಪರಿಣಾಮ ಸಣ್ಣದಾಗಿ ಕಾಣಬಹುದು. ಆದರೆ ಕಳೆದ ಕೆಲವು ತಿಂಗಳ ಬೆಲೆ ಚಲನವಲನ ಗಮನಿಸಿದರೆ ವಾಣಿಜ್ಯ ಎಲ್‌ಪಿಜಿ ದರದಲ್ಲಿ ಸಾಕಷ್ಟು ಏರಿಳಿತ ಕಂಡುಬಂದಿದೆ. ಜುಲೈ 1, 2026ರಂದು 19 ಕೆಜಿ ವಾಣಿಜ್ಯ ಸಿಲಿಂಡರ್ ದರವನ್ನು ದೆಹಲಿಯಲ್ಲಿ 183.50 ರೂ.ಗಳಷ್ಟು ಕಡಿತಗೊಳಿಸಲಾಗಿತ್ತು. ಆಗ ದೆಹಲಿಯ ದರ 3,113.50 ರೂ.ಗಳಿಂದ 2,930ರೂ.ಗಳವರೆಗೆ ಇಳಿದಿತ್ತು. ಜಾಗತಿಕ ಪಾಷ್ಟ್ ಸಾಗಾಣಿಕೆಯಿಂದ ಉಂಟಾಗಿದ್ದ ಇಂಧನ ಪೂರೈಕೆ ಒತ್ತಡ ಕಡಿಮೆಯಾಗಿದ್ದ ಹಿನ್ನೆಲೆಯಲ್ಲಿ ಈ ಕಡಿತಕ್ಕೆ ದಾರಿ ಮಾಡಿಕೊಟ್ಟಿತ್ತು.
ರಷ್ಯಾ ಸೇನೆಯಲ್ಲಿರುವ 227 ಭಾರತೀಯರಲ್ಲಿ 51 ಮಂದಿ ನಿಧನ
ಜೈಶಂಕ್, ಸೆ.1- ಬರೋಬ್ಬರಿ 227 ಭಾರತೀಯ ಪ್ರಜೆಗಳನ್ನು ರಷ್ಯಾದ ಸಶಸ್ತ್ರ ಪಡೆಗಳಿಗೆ ಸೇರಿಸಿಕೊಳ್ಳಲಾಗಿದ್ದು, ಅವರಲ್ಲಿ 139 ಜನರನ್ನು ಬಿಡುಗಡೆ ಮಾಡಲಾಗಿದೆ ಮತ್ತು 51 ಮಂದಿ ನಿಧನರಾಗಿದ್ದಾರೆ ಎಂದು ವಿದೇಶಾಂಗ ಕಾರ್ಯದರ್ಶಿ ವಿಕ್ರಮ್ ಮಿಸ್ತ್ರಿ ಹೇಳಿದ್ದಾರೆ. ಉಳಿದವರ ಬಿಡುಗಡೆ ಮತ್ತು ವಾಪಸಾತಿಗಾಗಿ ನವದೆಹಲಿ ಮಾಸ್ಕೋದೊಂದಿಗೆ ನಿರಂತರ ಚರ್ಚೆಯಲ್ಲಿದೆ ಎಂದು ಅವರು ಮಾಹಿತಿ ನೀಡಿದ್ದಾರೆ. ಪ್ರಧಾನಿ ನರೇಂದ್ರ ಮೋದಿ ಅವರ ಕಿರ್ಗಿಸ್ತಾನ್ ಭೇಟಿಯ ಕುರಿತು ವಿದೇಶಾಂಗ ಸಚಿವಾಲಯದ ವಿಶೇಷ ಮಾಹಿತಿಯ ಸಂದರ್ಭದಲ್ಲಿ ರಷ್ಯಾದ ಸೇನೆಯಲ್ಲಿ ಸೇವೆ ಸಲ್ಲಿಸುತ್ತಿರುವ ಭಾರತೀಯರ ಕುರಿತು ಪ್ರಶ್ನೆಗೆ ಉತ್ತರಿಸುತ್ತಾ ಅವರು ಈ ಹೇಳಿಕೆ ನೀಡಿದ್ದಾರೆ. ಭಾರತ ಮತ್ತು ರಷ್ಯಾ ನಡುವೆ ವಿವಿಧ ಹಂತಗಳಲ್ಲಿ ಮಾತುಕತೆ ಹಾಗೂ ಹಲವಾರು ಸಂದರ್ಭಗಳಲ್ಲಿ ಈ ವಿಷಯವನ್ನು ಪ್ರಸ್ತಾಪಿಸಲಾಗಿದೆ ಎಂದು ಮಿಸ್ತ್ರಿ ಹೇಳಿದರು. ರಷ್ಯಾದ ಸೇನೆಯಿಂದ ಭಾರತೀಯರನ್ನು ಬಿಡುಗಡೆ ಮಾಡುವ ಬಗ್ಗೆ ನಮ್ಮ ಪ್ರಜೆಗಳು, ನಮ್ಮ ನಾಗರಿಕರು, ರಷ್ಯಾದ ಸಶಸ್ತ್ರ ಪಡೆಗಳಿಗೆ ನೇಮಕಗೊಳ್ಳುವ ವಿಷಯದಲ್ಲಿ ನಾವು ಭಾರತ ಮತ್ತು ರಷ್ಯಾ ನಡುವೆ ವಿವಿಧ ಸಂದರ್ಭಗಳಲ್ಲಿ ವಿವಿಧ ಹಂತಗಳಲ್ಲಿ ಚರ್ಚಿಸಲಾಗಿದೆ ಎಂದು ಮಿಸ್ತ್ರಿ ಹೇಳಿದರು. ರಷ್ಯಾದ ಸೇನೆಗೆ ನೇಮಕಗೊಂಡ ಭಾರತೀಯರ ಸಂಖ್ಯೆಯ ಕುರಿತು ನವೀಕರಣವನ್ನು ಒದಗಿಸುತ್ತಾ, ಮಿಸ್ತ್ರಿ ಹೇಳಿದರು, ಕೊನೆಯ ಎಣಿಕೆಯ ಪ್ರಕಾರ, ರಷ್ಯಾದ ಸೇನೆಗೆ ನೇಮಕಗೊಂಡ 227 ಭಾರತೀಯ ಪ್ರಜೆಗಳ ಬಗ್ಗೆ ನಮಗೆ ಮಾಹಿತಿ ಇತ್ತು.ಅದರಲ್ಲಿ, ನಮ್ಮ ಪ್ರಜೆಗಳಲ್ಲಿ 139 ಜನರನ್ನು ಸೇನೆಯಿಂದ ಬಿಡುಗಡೆ ಮಾಡಲಾಗಿದೆ ಎಂಬ ಮಾಹಿತಿ ನಮಗಿದೆ. ದುರದೃಷ್ಟವಶಾತ್, ಇಲ್ಲಿಯವರೆಗೆ ಸಾವನ್ನಪ್ಪಿದ 51 ಜನರ ಬಗ್ಗೆಯೂ ನಮಗೆ ಮಾಹಿತಿ ಇದೆ ಎಂದು ಅವರು ಹೇಳಿದರು. ಈ ವಿಷಯದಲ್ಲಿ ಭಾರತವು ರಷ್ಯಾದ ಕಡೆಯೊಂದಿಗೆ ಸಂಪರ್ಕದಲ್ಲಿದೆ ಮತ್ತು ಉಳಿದ ಭಾರತೀಯ ಪ್ರಜೆಗಳನ್ನು ಶೀಘ್ರವಾಗಿ ಬಿಡುಗಡೆ ಮಾಡುವಂತೆ ಮನವಿ ಮಾಡಿದೆ. ಮೃತಪಟ್ಟವರ ಕುಟುಂಬಗಳಿಗೆ ಅಗತ್ಯ ನೆರವು ನೀಡಲಾಗುತ್ತಿದೆ ಎಂದು ಅವರು ತಿಳಿಸಿದರು.
ಉಪ ತಹಸೀಲ್ದಾರ್ ಪುಷ್ಪಲತಾಗೆ 4 ವರ್ಷ ಜೈಲು
ಪೊಲೀಸ್ ಇನ್ಸ್‌ಪೆಕ್ಟರ್ ಹೆಚ್.ಎಸ್.ತಿಪ್ಪೇಸ್ವಾಮಿ ಅವರು ತನಿಖೆ ನಡೆಸಿ ನ್ಯಾಯಾಲಯಕ್ಕೆ ದೋಷಾರೋಪಣಾ ಪತ್ರ ಸಲ್ಲಿಸಿದ್ದರು. ಪ್ರಕರಣದ ಸುದೀರ್ಘ ವಿಚಾರಣೆ ನಡೆಸಿದ 4ನೇ ಹೆಚ್ಚುವರಿ ಜಿಲ್ಲಾ ಮತ್ತು ಸತ್ರ ಹಾಗೂ ವಿಶೇಷ ನ್ಯಾಯಾಲಯದ ನ್ಯಾಯಾಧೀಶರು ಆರೋಪಿಗೆ 4 ವರ್ಷ ಜೈಲು ಶಿಕ್ಷೆ ಹಾಗೂ ದಂಡ ವಿಧಿಸಿ ತೀರ್ಪು ಪ್ರಕಟಿಸಿದರು. ಸರ್ಕಾರದ ಪರವಾಗಿ ವಿಶೇಷ ಸಾರ್ವಜನಿಕ ಅಭಿಯೋಜಕರಾದ ಸುಂದರ್ ರಾಜ್ ಅವರು ವಾದ ಮಂಡಿಸಿದ್ದರು.
